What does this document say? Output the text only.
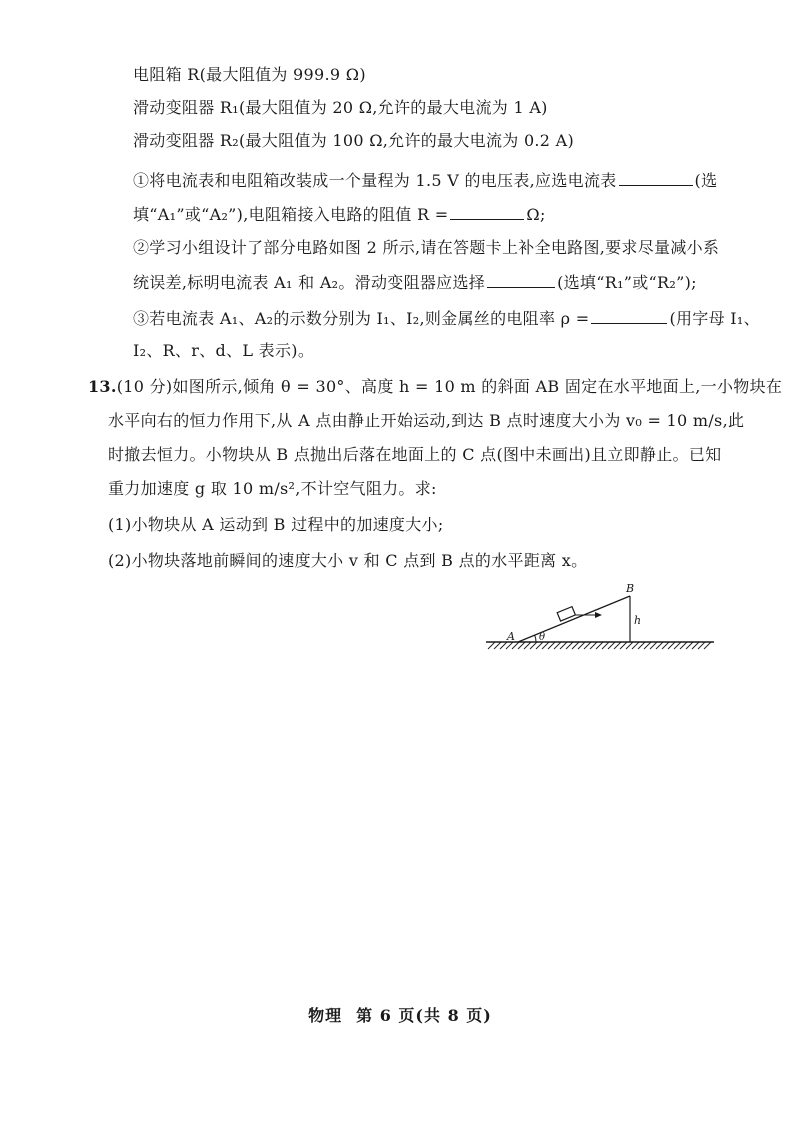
电阻箱 R(最大阻值为 999.9 Ω)
滑动变阻器 R₁(最大阻值为 20 Ω,允许的最大电流为 1 A)
滑动变阻器 R₂(最大阻值为 100 Ω,允许的最大电流为 0.2 A)
①将电流表和电阻箱改装成一个量程为 1.5 V 的电压表,应选电流表	(选
填“A₁”或“A₂”),电阻箱接入电路的阻值 R =	Ω;
②学习小组设计了部分电路如图 2 所示,请在答题卡上补全电路图,要求尽量减小系
统误差,标明电流表 A₁ 和 A₂。滑动变阻器应选择	(选填“R₁”或“R₂”);
③若电流表 A₁、A₂的示数分别为 I₁、I₂,则金属丝的电阻率 ρ =	(用字母 I₁、
I₂、R、r、d、L 表示)。
13.(10 分)如图所示,倾角 θ = 30°、高度 h = 10 m 的斜面 AB 固定在水平地面上,一小物块在
水平向右的恒力作用下,从 A 点由静止开始运动,到达 B 点时速度大小为 v₀ = 10 m/s,此
时撤去恒力。小物块从 B 点抛出后落在地面上的 C 点(图中未画出)且立即静止。已知
重力加速度 g 取 10 m/s²,不计空气阻力。求:
(1)小物块从 A 运动到 B 过程中的加速度大小;
(2)小物块落地前瞬间的速度大小 v 和 C 点到 B 点的水平距离 x。
A
B
h
θ
物理 第 6 页(共 8 页)
